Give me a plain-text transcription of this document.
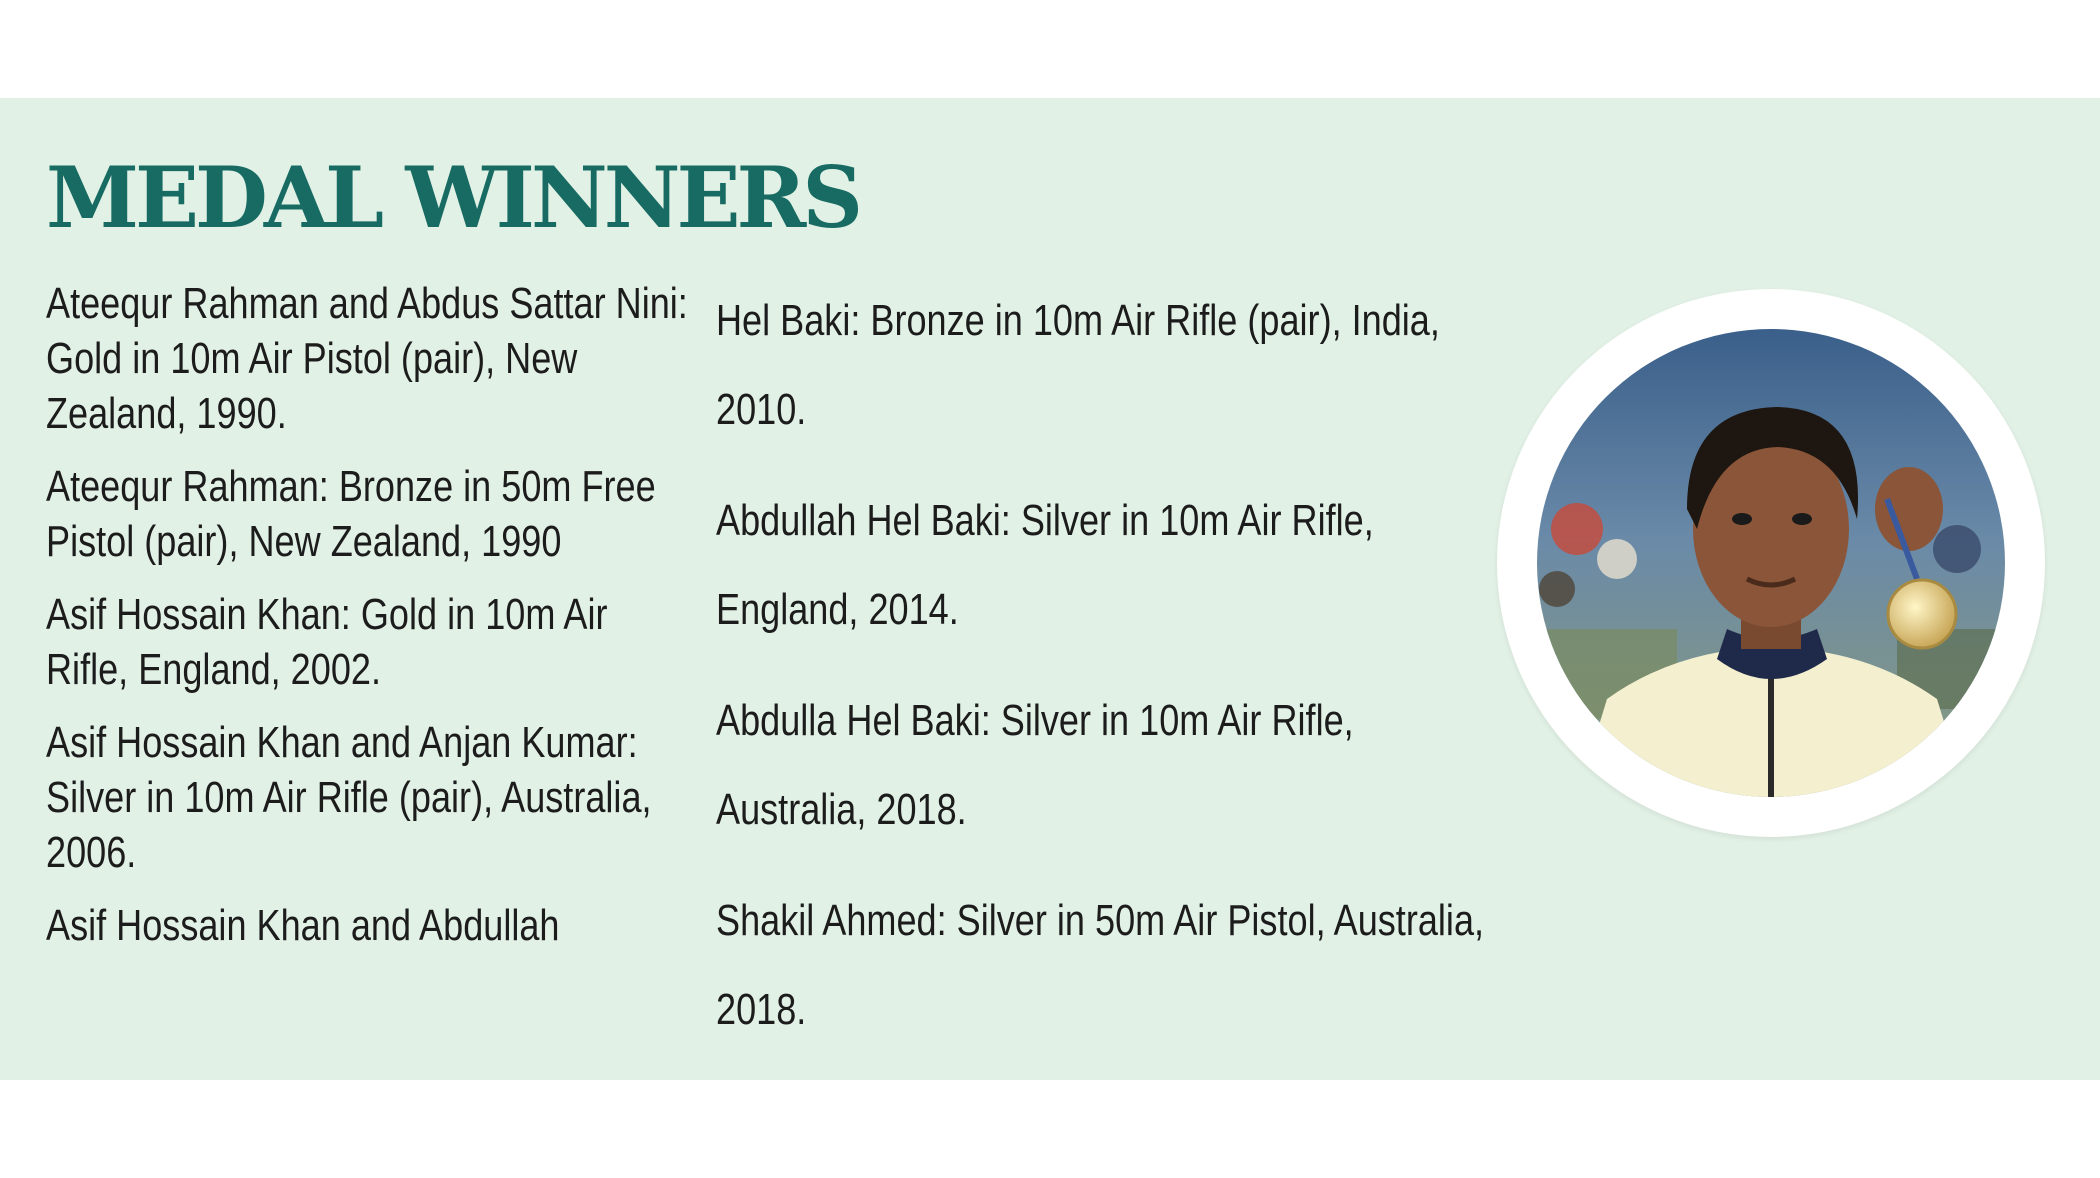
MEDAL WINNERS

Ateequr Rahman and Abdus Sattar Nini: Gold in 10m Air Pistol (pair), New Zealand, 1990.

Ateequr Rahman: Bronze in 50m Free Pistol (pair), New Zealand, 1990

Asif Hossain Khan: Gold in 10m Air Rifle, England, 2002.

Asif Hossain Khan and Anjan Kumar: Silver in 10m Air Rifle (pair), Australia, 2006.

Asif Hossain Khan and Abdullah

Hel Baki: Bronze in 10m Air Rifle (pair), India, 2010.

Abdullah Hel Baki: Silver in 10m Air Rifle, England, 2014.

Abdulla Hel Baki: Silver in 10m Air Rifle, Australia, 2018.

Shakil Ahmed: Silver in 50m Air Pistol, Australia, 2018.
